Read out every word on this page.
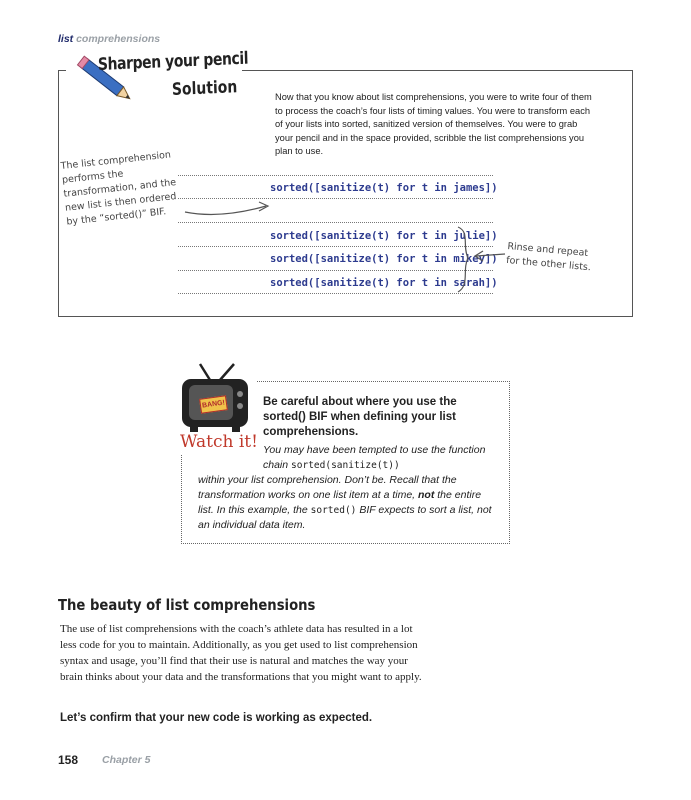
list comprehensions
Sharpen your pencil
Solution	Now that you know about list comprehensions, you were to write four of them to process the coach’s four lists of timing values. You were to transform each of your lists into sorted, sanitized version of themselves. You were to grab your pencil and in the space provided, scribble the list comprehensions you plan to use.
sorted([sanitize(t) for t in james])
sorted([sanitize(t) for t in julie])
sorted([sanitize(t) for t in mikey])
sorted([sanitize(t) for t in sarah])
The list comprehension performs the transformation, and the new list is then ordered by the “sorted()” BIF.
Rinse and repeat for the other lists.
BANG!
Watch it!
Be careful about where you use the sorted() BIF when defining your list comprehensions.
You may have been tempted to use the function chain sorted(sanitize(t))
within your list comprehension. Don’t be. Recall that the transformation works on one list item at a time, not the entire list. In this example, the sorted() BIF expects to sort a list, not an individual data item.
The beauty of list comprehensions
The use of list comprehensions with the coach’s athlete data has resulted in a lot less code for you to maintain. Additionally, as you get used to list comprehension syntax and usage, you’ll find that their use is natural and matches the way your brain thinks about your data and the transformations that you might want to apply.
Let’s confirm that your new code is working as expected.
158 Chapter 5
